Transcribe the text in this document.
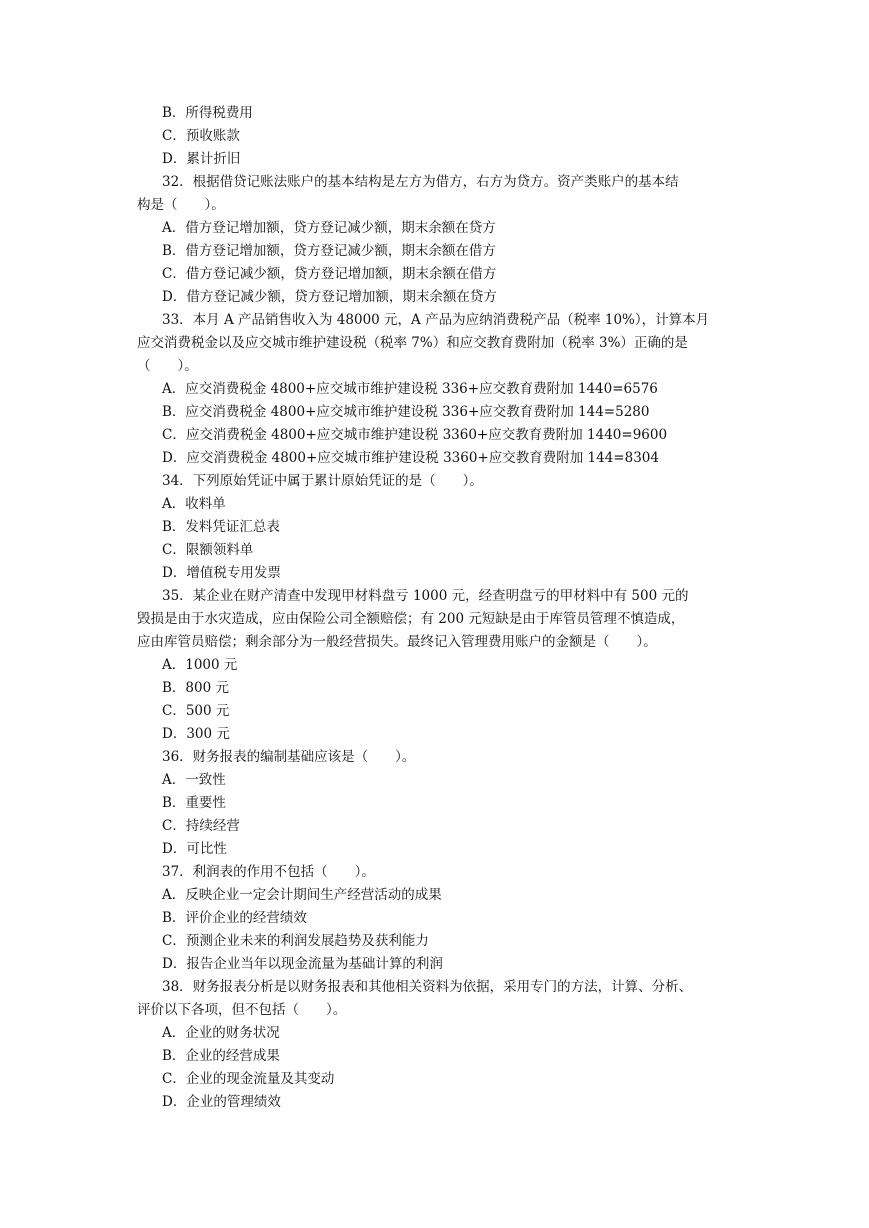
B．所得税费用
C．预收账款
D．累计折旧
32．根据借贷记账法账户的基本结构是左方为借方，右方为贷方。资产类账户的基本结
构是（　　）。
A．借方登记增加额，贷方登记减少额，期末余额在贷方
B．借方登记增加额，贷方登记减少额，期末余额在借方
C．借方登记减少额，贷方登记增加额，期末余额在借方
D．借方登记减少额，贷方登记增加额，期末余额在贷方
33．本月 A 产品销售收入为 48000 元，A 产品为应纳消费税产品（税率 10%），计算本月
应交消费税金以及应交城市维护建设税（税率 7%）和应交教育费附加（税率 3%）正确的是
（　　）。
A．应交消费税金 4800+应交城市维护建设税 336+应交教育费附加 1440=6576
B．应交消费税金 4800+应交城市维护建设税 336+应交教育费附加 144=5280
C．应交消费税金 4800+应交城市维护建设税 3360+应交教育费附加 1440=9600
D．应交消费税金 4800+应交城市维护建设税 3360+应交教育费附加 144=8304
34．下列原始凭证中属于累计原始凭证的是（　　）。
A．收料单
B．发料凭证汇总表
C．限额领料单
D．增值税专用发票
35．某企业在财产清查中发现甲材料盘亏 1000 元，经查明盘亏的甲材料中有 500 元的
毁损是由于水灾造成，应由保险公司全额赔偿；有 200 元短缺是由于库管员管理不慎造成，
应由库管员赔偿；剩余部分为一般经营损失。最终记入管理费用账户的金额是（　　）。
A．1000 元
B．800 元
C．500 元
D．300 元
36．财务报表的编制基础应该是（　　）。
A．一致性
B．重要性
C．持续经营
D．可比性
37．利润表的作用不包括（　　）。
A．反映企业一定会计期间生产经营活动的成果
B．评价企业的经营绩效
C．预测企业未来的利润发展趋势及获利能力
D．报告企业当年以现金流量为基础计算的利润
38．财务报表分析是以财务报表和其他相关资料为依据，采用专门的方法，计算、分析、
评价以下各项，但不包括（　　）。
A．企业的财务状况
B．企业的经营成果
C．企业的现金流量及其变动
D．企业的管理绩效
